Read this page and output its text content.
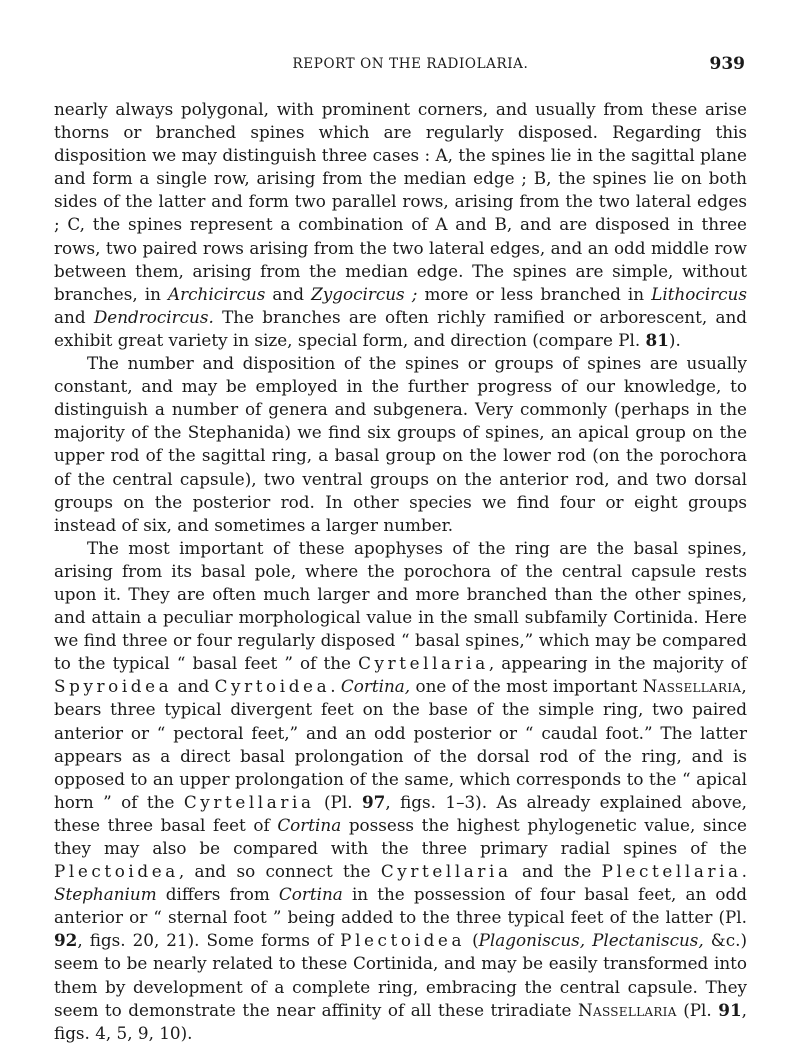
REPORT ON THE RADIOLARIA.	939

nearly always polygonal, with prominent corners, and usually from these arise thorns or branched spines which are regularly disposed. Regarding this disposition we may distinguish three cases : A, the spines lie in the sagittal plane and form a single row, arising from the median edge ; B, the spines lie on both sides of the latter and form two parallel rows, arising from the two lateral edges ; C, the spines represent a combination of A and B, and are disposed in three rows, two paired rows arising from the two lateral edges, and an odd middle row between them, arising from the median edge. The spines are simple, without branches, in Archicircus and Zygocircus ; more or less branched in Lithocircus and Dendrocircus. The branches are often richly ramified or arborescent, and exhibit great variety in size, special form, and direction (compare Pl. 81).

The number and disposition of the spines or groups of spines are usually constant, and may be employed in the further progress of our knowledge, to distinguish a number of genera and subgenera. Very commonly (perhaps in the majority of the Stephanida) we find six groups of spines, an apical group on the upper rod of the sagittal ring, a basal group on the lower rod (on the porochora of the central capsule), two ventral groups on the anterior rod, and two dorsal groups on the posterior rod. In other species we find four or eight groups instead of six, and sometimes a larger number.

The most important of these apophyses of the ring are the basal spines, arising from its basal pole, where the porochora of the central capsule rests upon it. They are often much larger and more branched than the other spines, and attain a peculiar morphological value in the small subfamily Cortinida. Here we find three or four regularly disposed “ basal spines,” which may be compared to the typical “ basal feet ” of the Cyrtellaria, appearing in the majority of Spyroidea and Cyrtoidea. Cortina, one of the most important Nassellaria, bears three typical divergent feet on the base of the simple ring, two paired anterior or “ pectoral feet,” and an odd posterior or “ caudal foot.” The latter appears as a direct basal prolongation of the dorsal rod of the ring, and is opposed to an upper prolongation of the same, which corresponds to the “ apical horn ” of the Cyrtellaria (Pl. 97, figs. 1–3). As already explained above, these three basal feet of Cortina possess the highest phylogenetic value, since they may also be compared with the three primary radial spines of the Plectoidea, and so connect the Cyrtellaria and the Plectellaria. Stephanium differs from Cortina in the possession of four basal feet, an odd anterior or “ sternal foot ” being added to the three typical feet of the latter (Pl. 92, figs. 20, 21). Some forms of Plectoidea (Plagoniscus, Plectaniscus, &c.) seem to be nearly related to these Cortinida, and may be easily transformed into them by development of a complete ring, embracing the central capsule. They seem to demonstrate the near affinity of all these triradiate Nassellaria (Pl. 91, figs. 4, 5, 9, 10).
